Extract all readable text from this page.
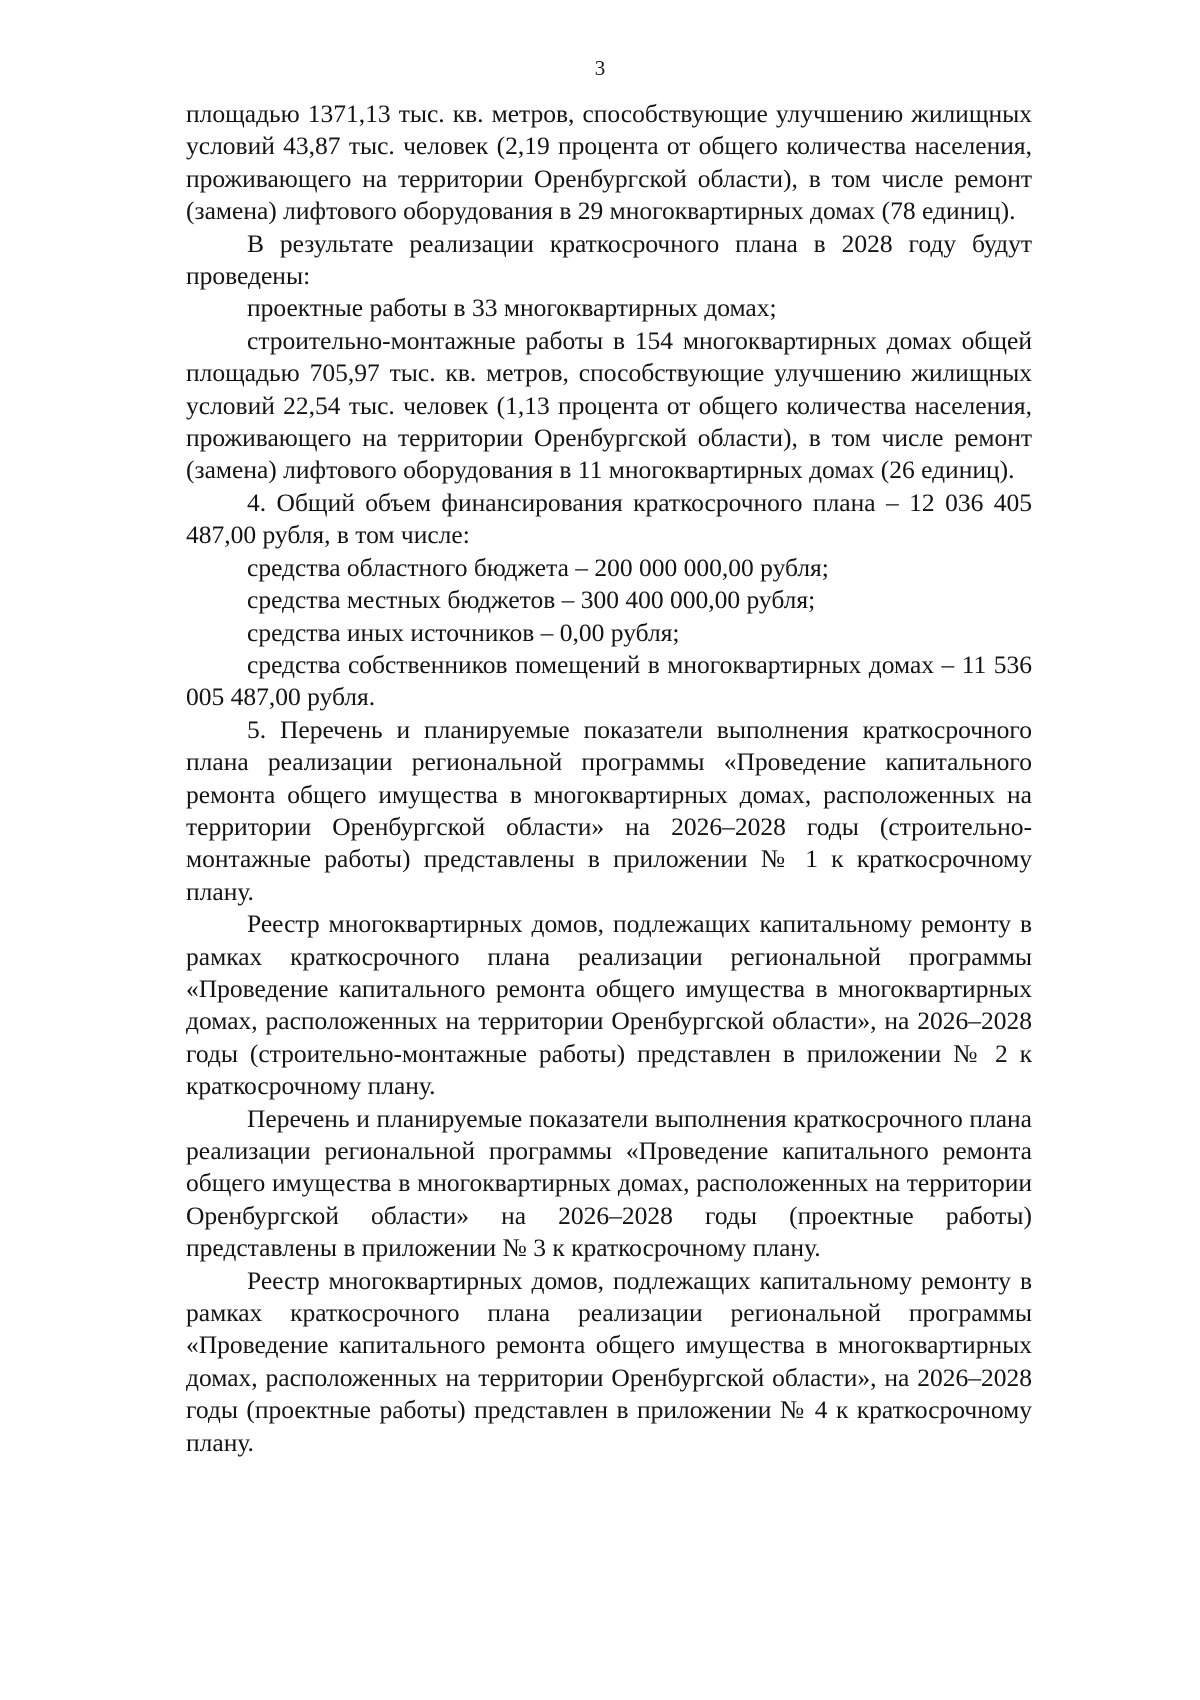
3

площадью 1371,13 тыс. кв. метров, способствующие улучшению жилищных условий 43,87 тыс. человек (2,19 процента от общего количества населения, проживающего на территории Оренбургской области), в том числе ремонт (замена) лифтового оборудования в 29 многоквартирных домах (78 единиц).

В результате реализации краткосрочного плана в 2028 году будут проведены:

проектные работы в 33 многоквартирных домах;

строительно-монтажные работы в 154 многоквартирных домах общей площадью 705,97 тыс. кв. метров, способствующие улучшению жилищных условий 22,54 тыс. человек (1,13 процента от общего количества населения, проживающего на территории Оренбургской области), в том числе ремонт (замена) лифтового оборудования в 11 многоквартирных домах (26 единиц).

4. Общий объем финансирования краткосрочного плана – 12 036 405 487,00 рубля, в том числе:

средства областного бюджета – 200 000 000,00 рубля;

средства местных бюджетов – 300 400 000,00 рубля;

средства иных источников – 0,00 рубля;

средства собственников помещений в многоквартирных домах – 11 536 005 487,00 рубля.

5. Перечень и планируемые показатели выполнения краткосрочного плана реализации региональной программы «Проведение капитального ремонта общего имущества в многоквартирных домах, расположенных на территории Оренбургской области» на 2026–2028 годы (строительно-монтажные работы) представлены в приложении № 1 к краткосрочному плану.

Реестр многоквартирных домов, подлежащих капитальному ремонту в рамках краткосрочного плана реализации региональной программы «Проведение капитального ремонта общего имущества в многоквартирных домах, расположенных на территории Оренбургской области», на 2026–2028 годы (строительно-монтажные работы) представлен в приложении № 2 к краткосрочному плану.

Перечень и планируемые показатели выполнения краткосрочного плана реализации региональной программы «Проведение капитального ремонта общего имущества в многоквартирных домах, расположенных на территории Оренбургской области» на 2026–2028 годы (проектные работы) представлены в приложении № 3 к краткосрочному плану.

Реестр многоквартирных домов, подлежащих капитальному ремонту в рамках краткосрочного плана реализации региональной программы «Проведение капитального ремонта общего имущества в многоквартирных домах, расположенных на территории Оренбургской области», на 2026–2028 годы (проектные работы) представлен в приложении № 4 к краткосрочному плану.
